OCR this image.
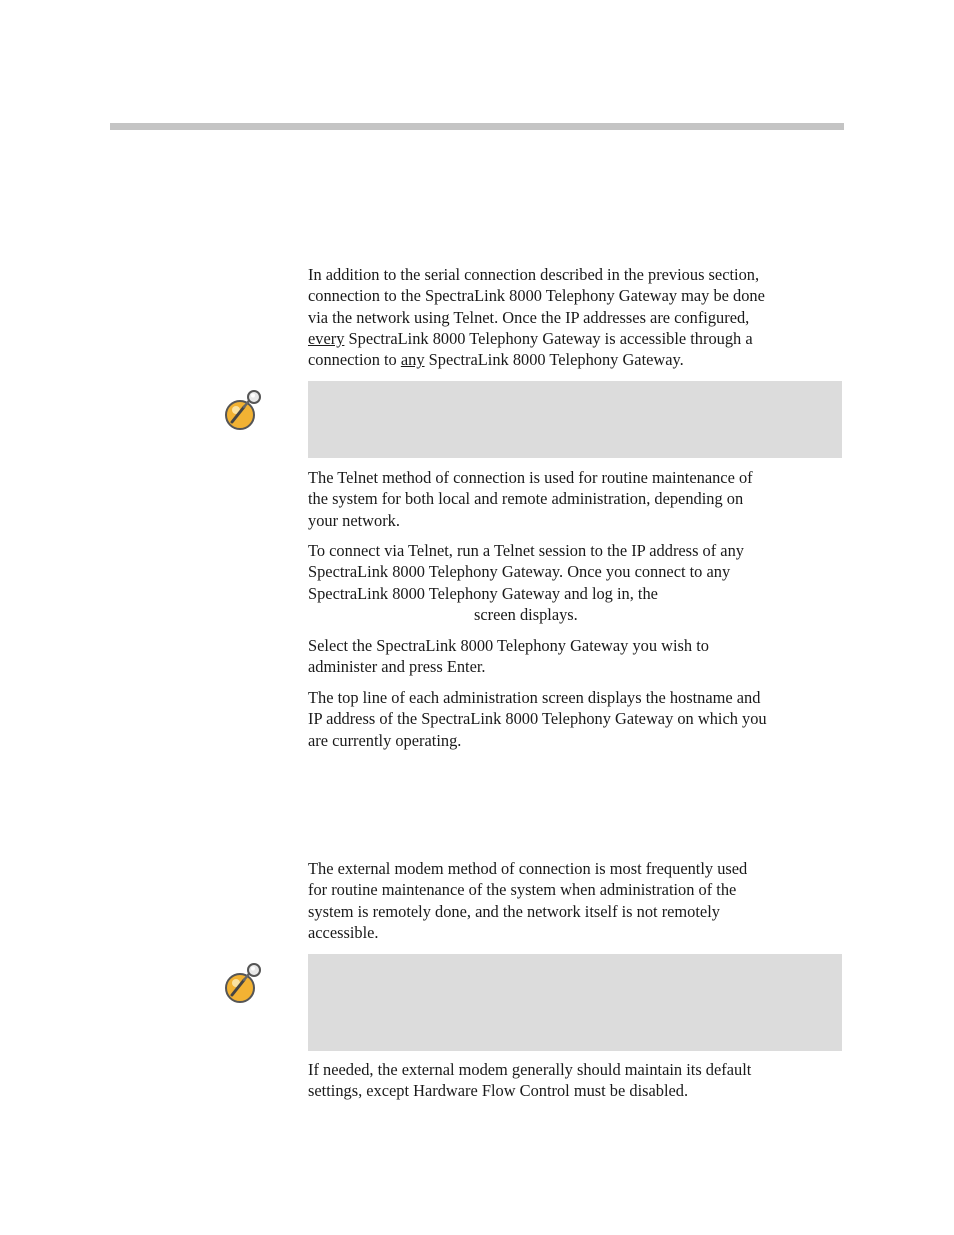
In addition to the serial connection described in the previous section,
connection to the SpectraLink 8000 Telephony Gateway may be done
via the network using Telnet. Once the IP addresses are configured,
every SpectraLink 8000 Telephony Gateway is accessible through a
connection to any SpectraLink 8000 Telephony Gateway.
The Telnet method of connection is used for routine maintenance of
the system for both local and remote administration, depending on
your network.
To connect via Telnet, run a Telnet session to the IP address of any
SpectraLink 8000 Telephony Gateway. Once you connect to any
SpectraLink 8000 Telephony Gateway and log in, the
screen displays.
Select the SpectraLink 8000 Telephony Gateway you wish to
administer and press Enter.
The top line of each administration screen displays the hostname and
IP address of the SpectraLink 8000 Telephony Gateway on which you
are currently operating.
The external modem method of connection is most frequently used
for routine maintenance of the system when administration of the
system is remotely done, and the network itself is not remotely
accessible.
If needed, the external modem generally should maintain its default
settings, except Hardware Flow Control must be disabled.
